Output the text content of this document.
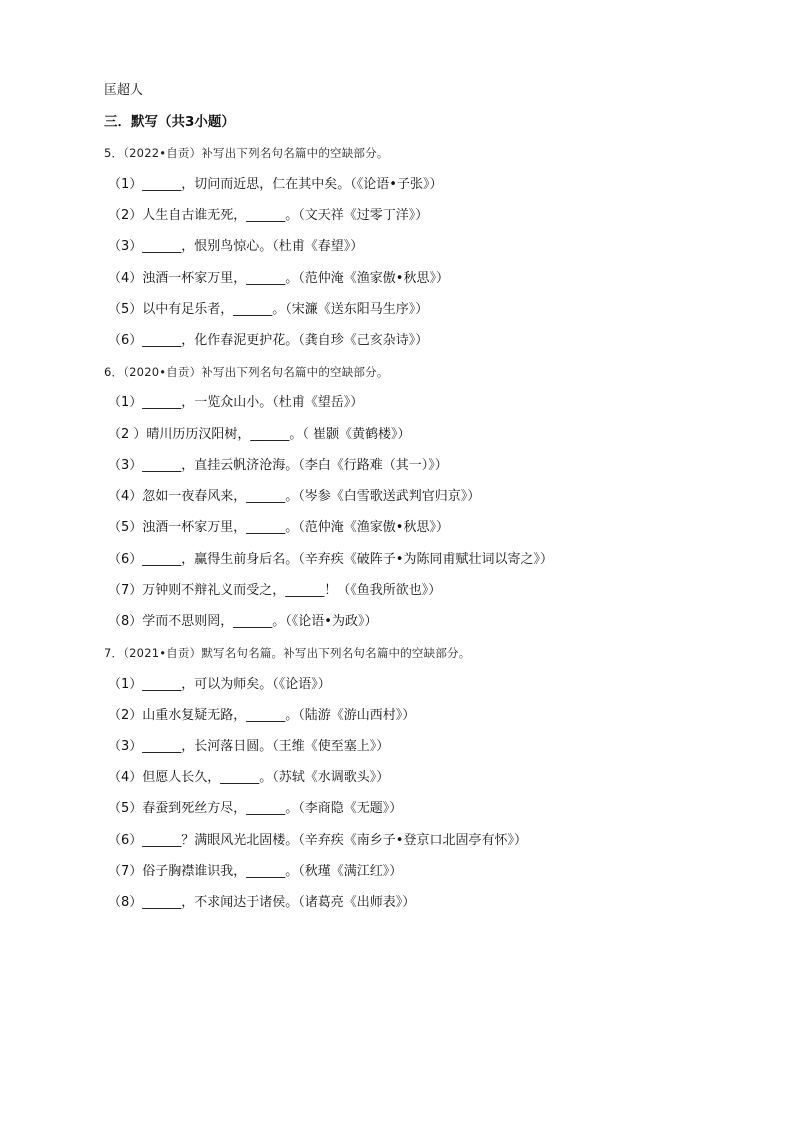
匡超人
三．默写（共3小题）
5．（2022•自贡）补写出下列名句名篇中的空缺部分。
（1）______，切问而近思，仁在其中矣。（《论语•子张》）
（2）人生自古谁无死，______。（文天祥《过零丁洋》）
（3）______，恨别鸟惊心。（杜甫《春望》）
（4）浊酒一杯家万里，______。（范仲淹《渔家傲•秋思》）
（5）以中有足乐者，______。（宋濂《送东阳马生序》）
（6）______，化作春泥更护花。（龚自珍《己亥杂诗》）
6．（2020•自贡）补写出下列名句名篇中的空缺部分。
（1）______，一览众山小。（杜甫《望岳》）
（2 ）晴川历历汉阳树，______。（ 崔颢《黄鹤楼》）
（3）______，直挂云帆济沧海。（李白《行路难（其一）》）
（4）忽如一夜春风来，______。（岑参《白雪歌送武判官归京》）
（5）浊酒一杯家万里，______。（范仲淹《渔家傲•秋思》）
（6）______，赢得生前身后名。（辛弃疾《破阵子•为陈同甫赋壮词以寄之》）
（7）万钟则不辩礼义而受之，______！（《鱼我所欲也》）
（8）学而不思则罔，______。（《论语•为政》）
7．（2021•自贡）默写名句名篇。补写出下列名句名篇中的空缺部分。
（1）______，可以为师矣。（《论语》）
（2）山重水复疑无路，______。（陆游《游山西村》）
（3）______，长河落日圆。（王维《使至塞上》）
（4）但愿人长久，______。（苏轼《水调歌头》）
（5）春蚕到死丝方尽，______。（李商隐《无题》）
（6）______？满眼风光北固楼。（辛弃疾《南乡子•登京口北固亭有怀》）
（7）俗子胸襟谁识我，______。（秋瑾《满江红》）
（8）______，不求闻达于诸侯。（诸葛亮《出师表》）
